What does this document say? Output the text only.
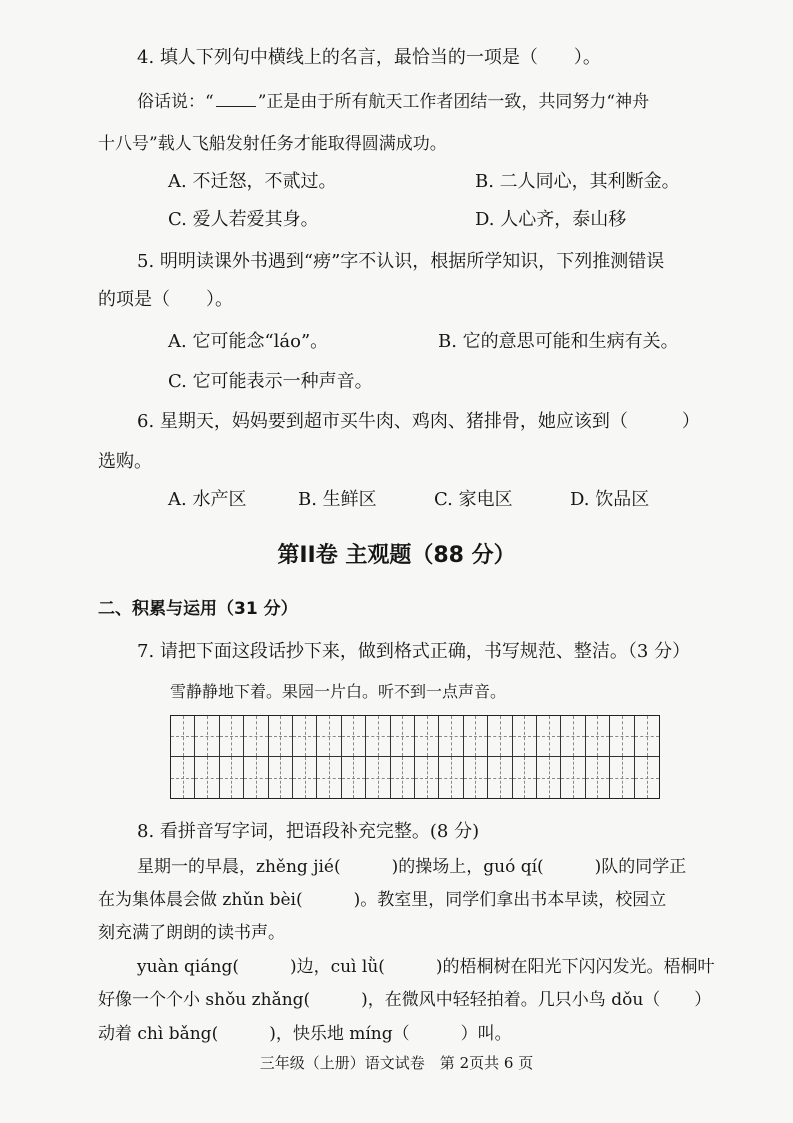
4. 填人下列句中横线上的名言，最恰当的一项是（　　）。
俗话说：“	”正是由于所有航天工作者团结一致，共同努力“神舟
十八号”载人飞船发射任务才能取得圆满成功。
A. 不迁怒，不贰过。	B. 二人同心，其利断金。
C. 爱人若爱其身。	D. 人心齐，泰山移
5. 明明读课外书遇到“痨”字不认识，根据所学知识，下列推测错误
的项是（　　）。
A. 它可能念“láo”。	B. 它的意思可能和生病有关。
C. 它可能表示一种声音。
6. 星期天，妈妈要到超市买牛肉、鸡肉、猪排骨，她应该到（　　　）
选购。
A. 水产区	B. 生鲜区	C. 家电区	D. 饮品区
第II卷 主观题（88 分）
二、积累与运用（31 分）
7. 请把下面这段话抄下来，做到格式正确，书写规范、整洁。（3 分）
雪静静地下着。果园一片白。听不到一点声音。
8. 看拼音写字词，把语段补充完整。(8 分)
星期一的早晨，zhěng jié(　　　)的操场上，guó qí(　　　)队的同学正
在为集体晨会做 zhǔn bèi(　　　)。教室里，同学们拿出书本早读，校园立
刻充满了朗朗的读书声。
yuàn qiáng(　　　)边，cuì lǜ(　　　)的梧桐树在阳光下闪闪发光。梧桐叶
好像一个个小 shǒu zhǎng(　　　)，在微风中轻轻拍着。几只小鸟 dǒu（　　）
动着 chì bǎng(　　　)，快乐地 míng（　　　）叫。
三年级（上册）语文试卷　第 2页共 6 页
